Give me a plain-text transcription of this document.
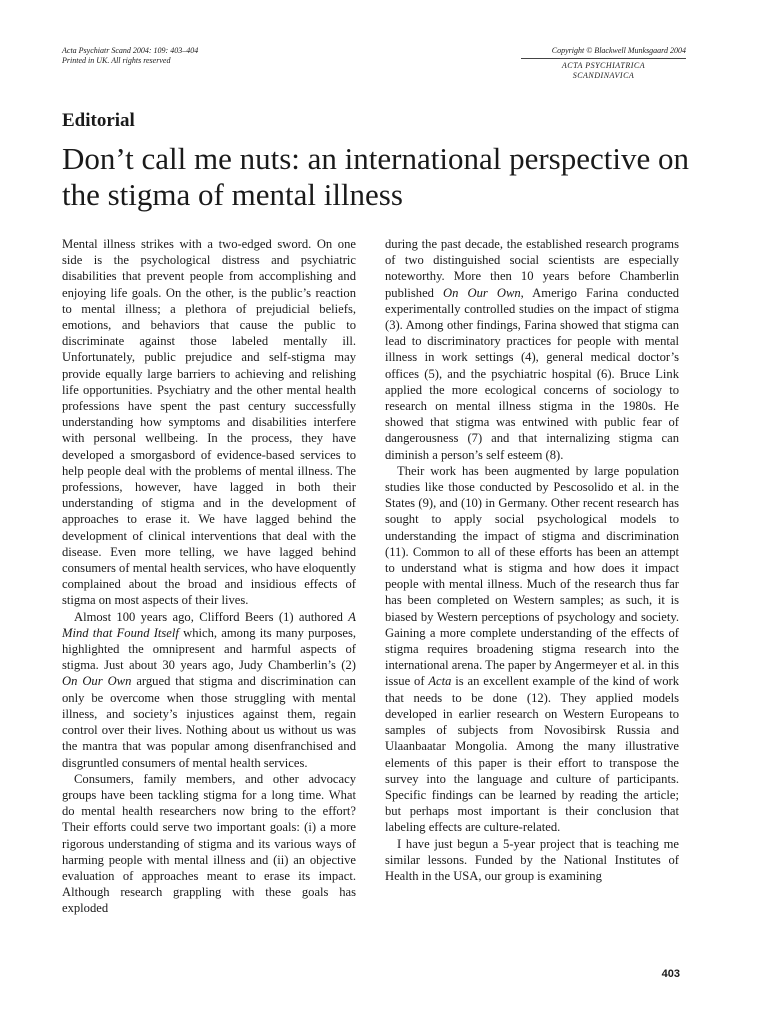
Acta Psychiatr Scand 2004: 109: 403–404
Printed in UK. All rights reserved
Copyright © Blackwell Munksgaard 2004
ACTA PSYCHIATRICA
SCANDINAVICA
Editorial
Don’t call me nuts: an international perspective on the stigma of mental illness

Mental illness strikes with a two-edged sword. On one side is the psychological distress and psychiatric disabilities that prevent people from accomplishing and enjoying life goals. On the other, is the public’s reaction to mental illness; a plethora of prejudicial beliefs, emotions, and behaviors that cause the public to discriminate against those labeled mentally ill. Unfortunately, public prejudice and self-stigma may provide equally large barriers to achieving and relishing life opportunities. Psychiatry and the other mental health professions have spent the past century successfully understanding how symptoms and disabilities interfere with personal wellbeing. In the process, they have developed a smorgasbord of evidence-based services to help people deal with the problems of mental illness. The professions, however, have lagged in both their understanding of stigma and in the development of approaches to erase it. We have lagged behind the development of clinical interventions that deal with the disease. Even more telling, we have lagged behind consumers of mental health services, who have eloquently complained about the broad and insidious effects of stigma on most aspects of their lives.

Almost 100 years ago, Clifford Beers (1) authored A Mind that Found Itself which, among its many purposes, highlighted the omnipresent and harmful aspects of stigma. Just about 30 years ago, Judy Chamberlin’s (2) On Our Own argued that stigma and discrimination can only be overcome when those struggling with mental illness, and society’s injustices against them, regain control over their lives. Nothing about us without us was the mantra that was popular among disenfranchised and disgruntled consumers of mental health services.

Consumers, family members, and other advocacy groups have been tackling stigma for a long time. What do mental health researchers now bring to the effort? Their efforts could serve two important goals: (i) a more rigorous understanding of stigma and its various ways of harming people with mental illness and (ii) an objective evaluation of approaches meant to erase its impact. Although research grappling with these goals has exploded

during the past decade, the established research programs of two distinguished social scientists are especially noteworthy. More then 10 years before Chamberlin published On Our Own, Amerigo Farina conducted experimentally controlled studies on the impact of stigma (3). Among other findings, Farina showed that stigma can lead to discriminatory practices for people with mental illness in work settings (4), general medical doctor’s offices (5), and the psychiatric hospital (6). Bruce Link applied the more ecological concerns of sociology to research on mental illness stigma in the 1980s. He showed that stigma was entwined with public fear of dangerousness (7) and that internalizing stigma can diminish a person’s self esteem (8).

Their work has been augmented by large population studies like those conducted by Pescosolido et al. in the States (9), and (10) in Germany. Other recent research has sought to apply social psychological models to understanding the impact of stigma and discrimination (11). Common to all of these efforts has been an attempt to understand what is stigma and how does it impact people with mental illness. Much of the research thus far has been completed on Western samples; as such, it is biased by Western perceptions of psychology and society. Gaining a more complete understanding of the effects of stigma requires broadening stigma research into the international arena. The paper by Angermeyer et al. in this issue of Acta is an excellent example of the kind of work that needs to be done (12). They applied models developed in earlier research on Western Europeans to samples of subjects from Novosibirsk Russia and Ulaanbaatar Mongolia. Among the many illustrative elements of this paper is their effort to transpose the survey into the language and culture of participants. Specific findings can be learned by reading the article; but perhaps most important is their conclusion that labeling effects are culture-related.

I have just begun a 5-year project that is teaching me similar lessons. Funded by the National Institutes of Health in the USA, our group is examining

403
